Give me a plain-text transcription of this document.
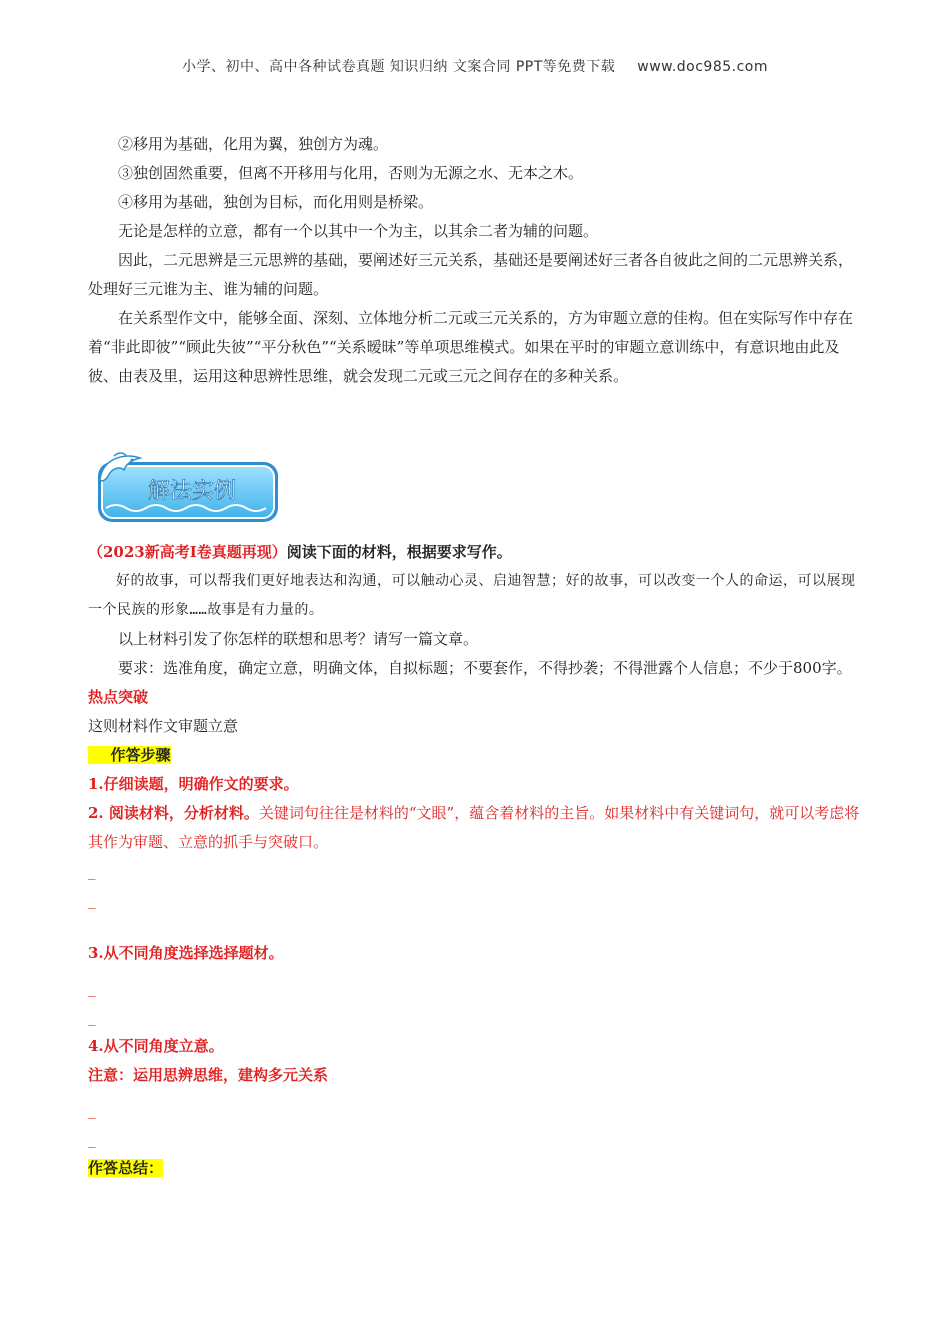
小学、初中、高中各种试卷真题 知识归纳 文案合同 PPT等免费下载 www.doc985.com

②移用为基础，化用为翼，独创方为魂。

③独创固然重要，但离不开移用与化用，否则为无源之水、无本之木。

④移用为基础，独创为目标，而化用则是桥梁。

无论是怎样的立意，都有一个以其中一个为主，以其余二者为辅的问题。

因此，二元思辨是三元思辨的基础，要阐述好三元关系，基础还是要阐述好三者各自彼此之间的二元思辨关系，处理好三元谁为主、谁为辅的问题。

在关系型作文中，能够全面、深刻、立体地分析二元或三元关系的，方为审题立意的佳构。但在实际写作中存在着“非此即彼”“顾此失彼”“平分秋色”“关系暧昧”等单项思维模式。如果在平时的审题立意训练中，有意识地由此及彼、由表及里，运用这种思辨性思维，就会发现二元或三元之间存在的多种关系。

解法实例

（2023新高考I卷真题再现）阅读下面的材料，根据要求写作。

好的故事，可以帮我们更好地表达和沟通，可以触动心灵、启迪智慧；好的故事，可以改变一个人的命运，可以展现一个民族的形象……故事是有力量的。

以上材料引发了你怎样的联想和思考？请写一篇文章。

要求：选准角度，确定立意，明确文体，自拟标题；不要套作，不得抄袭；不得泄露个人信息；不少于800字。

热点突破

这则材料作文审题立意

作答步骤

1.仔细读题，明确作文的要求。

2. 阅读材料，分析材料。关键词句往往是材料的“文眼”，蕴含着材料的主旨。如果材料中有关键词句，就可以考虑将其作为审题、立意的抓手与突破口。

_
_

3.从不同角度选择选择题材。

_
_

4.从不同角度立意。

注意：运用思辨思维，建构多元关系

_
_

作答总结：
